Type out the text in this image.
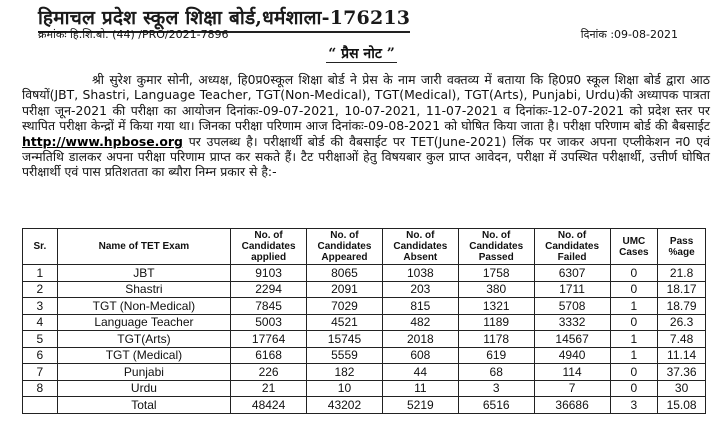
हिमाचल प्रदेश स्कूल शिक्षा बोर्ड,धर्मशाला-176213
क्रमांकः हि.शि.बो. (44) /PRO/2021-7896	दिनांक :09-08-2021
“ प्रैस नोट ”
श्री सुरेश कुमार सोनी, अध्यक्ष, हि0प्र0स्कूल शिक्षा बोर्ड ने प्रेस के नाम जारी वक्तव्य में बताया कि हि0प्र0 स्कूल शिक्षा बोर्ड द्वारा आठ विषयों(JBT, Shastri, Language Teacher, TGT(Non-Medical), TGT(Medical), TGT(Arts), Punjabi, Urdu)की अध्यापक पात्रता परीक्षा जून-2021 की परीक्षा का आयोजन दिनांकः-09-07-2021, 10-07-2021, 11-07-2021 व दिनांकः-12-07-2021 को प्रदेश स्तर पर स्थापित परीक्षा केन्द्रों में किया गया था। जिनका परीक्षा परिणाम आज दिनांकः-09-08-2021 को घोषित किया जाता है। परीक्षा परिणाम बोर्ड की बैबसाईट http://www.hpbose.org पर उपलब्ध है। परीक्षार्थी बोर्ड की वैबसाईट पर TET(June-2021) लिंक पर जाकर अपना एप्लीकेशन न0 एवं जन्मतिथि डालकर अपना परीक्षा परिणाम प्राप्त कर सकते हैं। टैट परीक्षाओं हेतु विषयबार कुल प्राप्त आवेदन, परीक्षा में उपस्थित परीक्षार्थी, उत्तीर्ण घोषित परीक्षार्थी एवं पास प्रतिशतता का ब्यौरा निम्न प्रकार से है:-
Sr.	Name of TET Exam	No. of Candidates applied	No. of Candidates Appeared	No. of Candidates Absent	No. of Candidates Passed	No. of Candidates Failed	UMC Cases	Pass %age
1	JBT	9103	8065	1038	1758	6307	0	21.8
2	Shastri	2294	2091	203	380	1711	0	18.17
3	TGT (Non-Medical)	7845	7029	815	1321	5708	1	18.79
4	Language Teacher	5003	4521	482	1189	3332	0	26.3
5	TGT(Arts)	17764	15745	2018	1178	14567	1	7.48
6	TGT (Medical)	6168	5559	608	619	4940	1	11.14
7	Punjabi	226	182	44	68	114	0	37.36
8	Urdu	21	10	11	3	7	0	30
	Total	48424	43202	5219	6516	36686	3	15.08
